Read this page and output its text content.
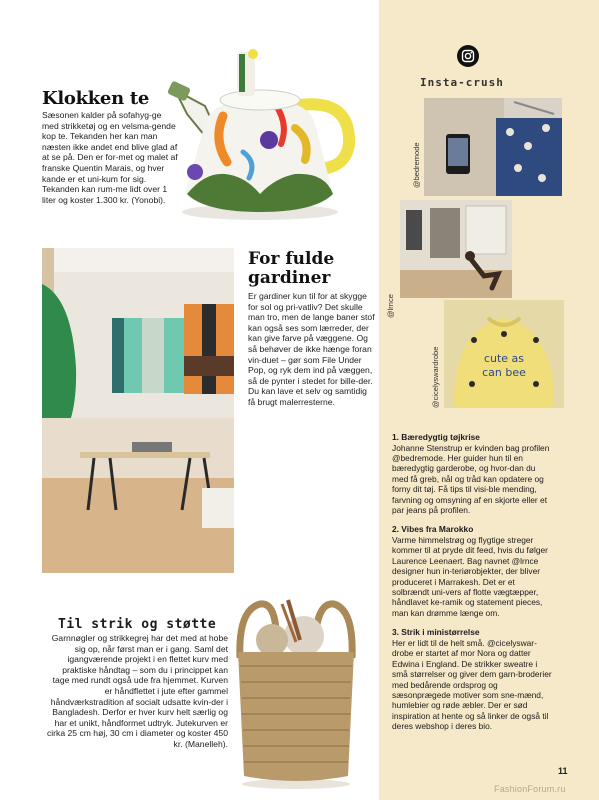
Klokken te

Sæsonen kalder på sofahyg-ge med strikketøj og en velsma-gende kop te. Tekanden her kan man næsten ikke andet end blive glad af at se på. Den er for-met og malet af franske Quentin Marais, og hver kande er et uni-kum for sig. Tekanden kan rum-me lidt over 1 liter og koster 1.300 kr. (Yonobi).

For fulde
gardiner

Er gardiner kun til for at skygge for sol og pri-vatliv? Det skulle man tro, men de lange baner stof kan også ses som lærreder, der kan give farve på væggene. Og så behøver de ikke hænge foran vin-duet – gør som File Under Pop, og ryk dem ind på væggen, så de pynter i stedet for bille-der. Du kan lave et selv og samtidig få brugt malerresterne.

Til strik og støtte

Garnnøgler og strikkegrej har det med at hobe sig op, når først man er i gang. Saml det igangværende projekt i en flettet kurv med praktiske håndtag – som du i princippet kan tage med rundt også ude fra hjemmet. Kurven er håndflettet i jute efter gammel håndværkstradition af socialt udsatte kvin-der i Bangladesh. Derfor er hver kurv helt særlig og har et unikt, håndformet udtryk. Jutekurven er cirka 25 cm høj, 30 cm i diameter og koster 450 kr. (Manelleh).

Insta-crush
cute as
can bee
@bedremode
@lrnce
@cicelyswardrobe
1. Bæredygtig tøjkrise
Johanne Stenstrup er kvinden bag profilen @bedremode. Her guider hun til en bæredygtig garderobe, og hvor-dan du med få greb, nål og tråd kan opdatere og forny dit tøj. Få tips til visi-ble mending, farvning og omsyning af en skjorte eller et par jeans på profilen.
2. Vibes fra Marokko
Varme himmelstrøg og flygtige streger kommer til at pryde dit feed, hvis du følger Laurence Leenaert. Bag navnet @lrnce designer hun in-teriørobjekter, der bliver produceret i Marrakesh. Det er et solbrændt uni-vers af flotte vægtæpper, håndlavet ke-ramik og statement pieces, man kan drømme længe om.
3. Strik i ministørrelse
Her er lidt til de helt små. @cicelyswar-drobe er startet af mor Nora og datter Edwina i England. De strikker sweatre i små størrelser og giver dem garn-broderier med bedårende ordsprog og sæsonprægede motiver som sne-mænd, humlebier og røde æbler. Der er sød inspiration at hente og så linker de også til deres webshop i deres bio.
11
FashionForum.ru
